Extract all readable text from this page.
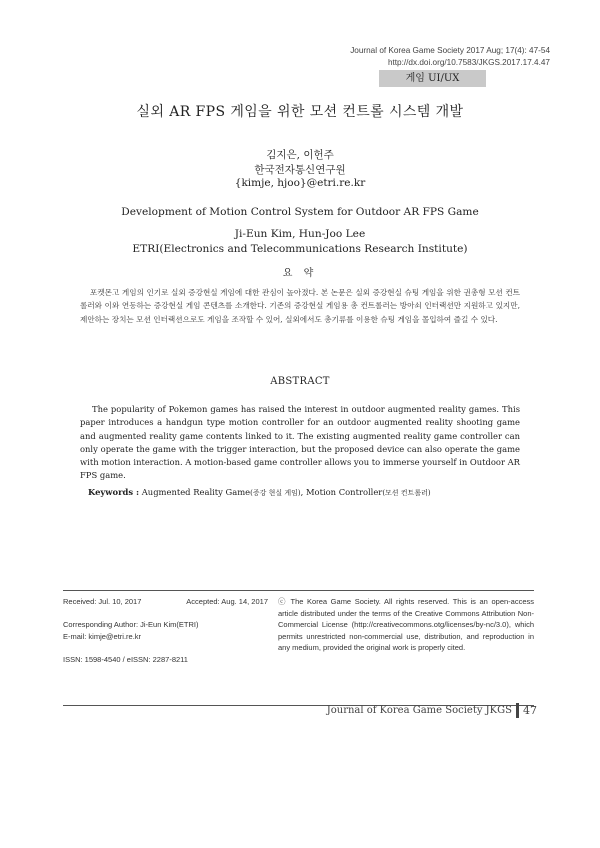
Journal of Korea Game Society 2017 Aug; 17(4): 47-54
http://dx.doi.org/10.7583/JKGS.2017.17.4.47
게임 UI/UX
실외 AR FPS 게임을 위한 모션 컨트롤 시스템 개발
김지은, 이헌주
한국전자통신연구원
{kimje, hjoo}@etri.re.kr
Development of Motion Control System for Outdoor AR FPS Game
Ji-Eun Kim, Hun-Joo Lee
ETRI(Electronics and Telecommunications Research Institute)
요 약

포켓몬고 게임의 인기로 실외 증강현실 게임에 대한 관심이 높아졌다. 본 논문은 실외 증강현실 슈팅 게임을 위한 권총형 모션 컨트롤러와 이와 연동하는 증강현실 게임 콘텐츠를 소개한다. 기존의 증강현실 게임용 총 컨트롤러는 방아쇠 인터랙션만 지원하고 있지만, 제안하는 장치는 모션 인터랙션으로도 게임을 조작할 수 있어, 실외에서도 총기류를 이용한 슈팅 게임을 몰입하여 즐길 수 있다.

ABSTRACT

The popularity of Pokemon games has raised the interest in outdoor augmented reality games. This paper introduces a handgun type motion controller for an outdoor augmented reality shooting game and augmented reality game contents linked to it. The existing augmented reality game controller can only operate the game with the trigger interaction, but the proposed device can also operate the game with motion interaction. A motion-based game controller allows you to immerse yourself in Outdoor AR FPS game.

Keywords : Augmented Reality Game(증강 현실 게임), Motion Controller(모션 컨트롤러)
Received: Jul. 10, 2017	Accepted: Aug. 14, 2017
Corresponding Author: Ji-Eun Kim(ETRI)
E-mail: kimje@etri.re.kr
ISSN: 1598-4540 / eISSN: 2287-8211
ⓒ The Korea Game Society. All rights reserved. This is an open-access article distributed under the terms of the Creative Commons Attribution Non-Commercial License (http://creativecommons.otg/licenses/by-nc/3.0), which permits unrestricted non-commercial use, distribution, and reproduction in any medium, provided the original work is properly cited.
Journal of Korea Game Society JKGS 47
